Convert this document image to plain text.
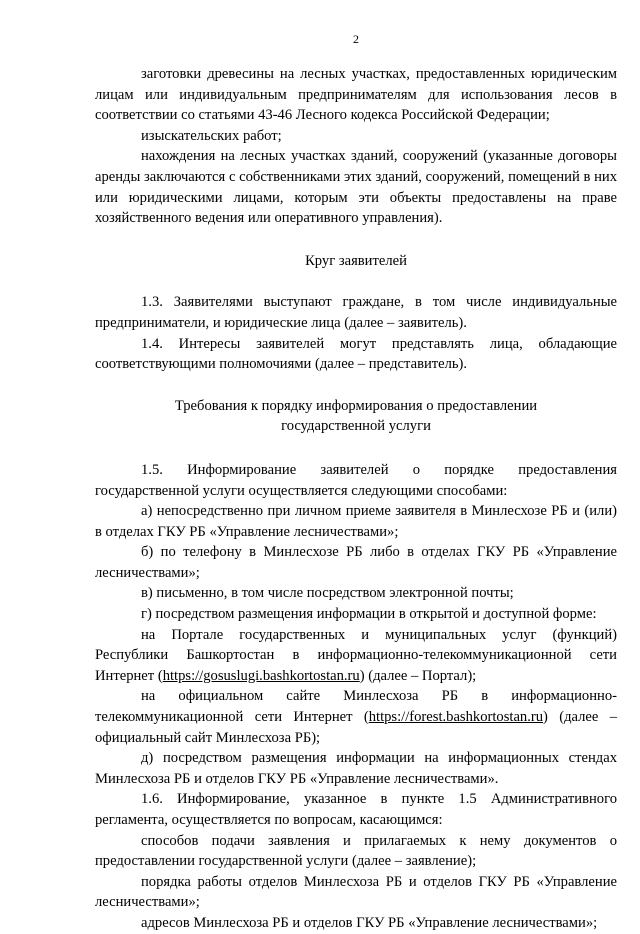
2

заготовки древесины на лесных участках, предоставленных юридическим лицам или индивидуальным предпринимателям для использования лесов в соответствии со статьями 43-46 Лесного кодекса Российской Федерации;

изыскательских работ;

нахождения на лесных участках зданий, сооружений (указанные договоры аренды заключаются с собственниками этих зданий, сооружений, помещений в них или юридическими лицами, которым эти объекты предоставлены на праве хозяйственного ведения или оперативного управления).

Круг заявителей

1.3. Заявителями выступают граждане, в том числе индивидуальные предприниматели, и юридические лица (далее – заявитель).

1.4. Интересы заявителей могут представлять лица, обладающие соответствующими полномочиями (далее – представитель).

Требования к порядку информирования о предоставлении
государственной услуги

1.5. Информирование заявителей о порядке предоставления государственной услуги осуществляется следующими способами:

а) непосредственно при личном приеме заявителя в Минлесхозе РБ и (или) в отделах ГКУ РБ «Управление лесничествами»;

б) по телефону в Минлесхозе РБ либо в отделах ГКУ РБ «Управление лесничествами»;

в) письменно, в том числе посредством электронной почты;

г) посредством размещения информации в открытой и доступной форме:

на Портале государственных и муниципальных услуг (функций) Республики Башкортостан в информационно-телекоммуникационной сети Интернет (https://gosuslugi.bashkortostan.ru) (далее – Портал);

на официальном сайте Минлесхоза РБ в информационно-телекоммуникационной сети Интернет (https://forest.bashkortostan.ru) (далее – официальный сайт Минлесхоза РБ);

д) посредством размещения информации на информационных стендах Минлесхоза РБ и отделов ГКУ РБ «Управление лесничествами».

1.6. Информирование, указанное в пункте 1.5 Административного регламента, осуществляется по вопросам, касающимся:

способов подачи заявления и прилагаемых к нему документов о предоставлении государственной услуги (далее – заявление);

порядка работы отделов Минлесхоза РБ и отделов ГКУ РБ «Управление лесничествами»;

адресов Минлесхоза РБ и отделов ГКУ РБ «Управление лесничествами»;
